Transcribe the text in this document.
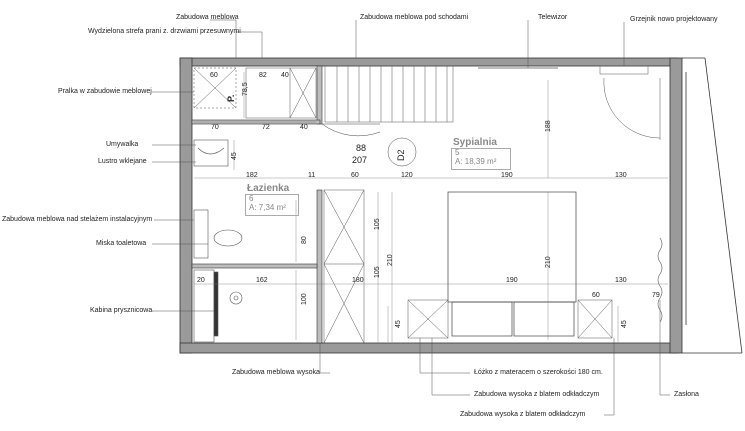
Zabudowa meblowa
Wydzielona strefa prani z. drzwiami przesuwnymi
Zabudowa meblowa pod schodami	Telewizor	Grzejnik nowo projektowany
Pralka w zabudowie meblowej
Umywalka
Lustro wklejane
Zabudowa meblowa nad stelażem instalacyjnym
Miska toaletowa
Kabina prysznicowa
Zabudowa meblowa wysoka	Łóżko z materacem o szerokości 180 cm.
Zabudowa wysoka z blatem odkładczym
Zabudowa wysoka z blatem odkładczym
Zasłona
Sypialnia
5
A: 18,39 m²
Łazienka
6
A: 7,34 m²
88
207	D2
60	82 40
78,5
P.
70	72	40
45
182	11	60	120	190	130
188
105
210
105
210
80
20	162	180	190	130
60	79
100
45	45
